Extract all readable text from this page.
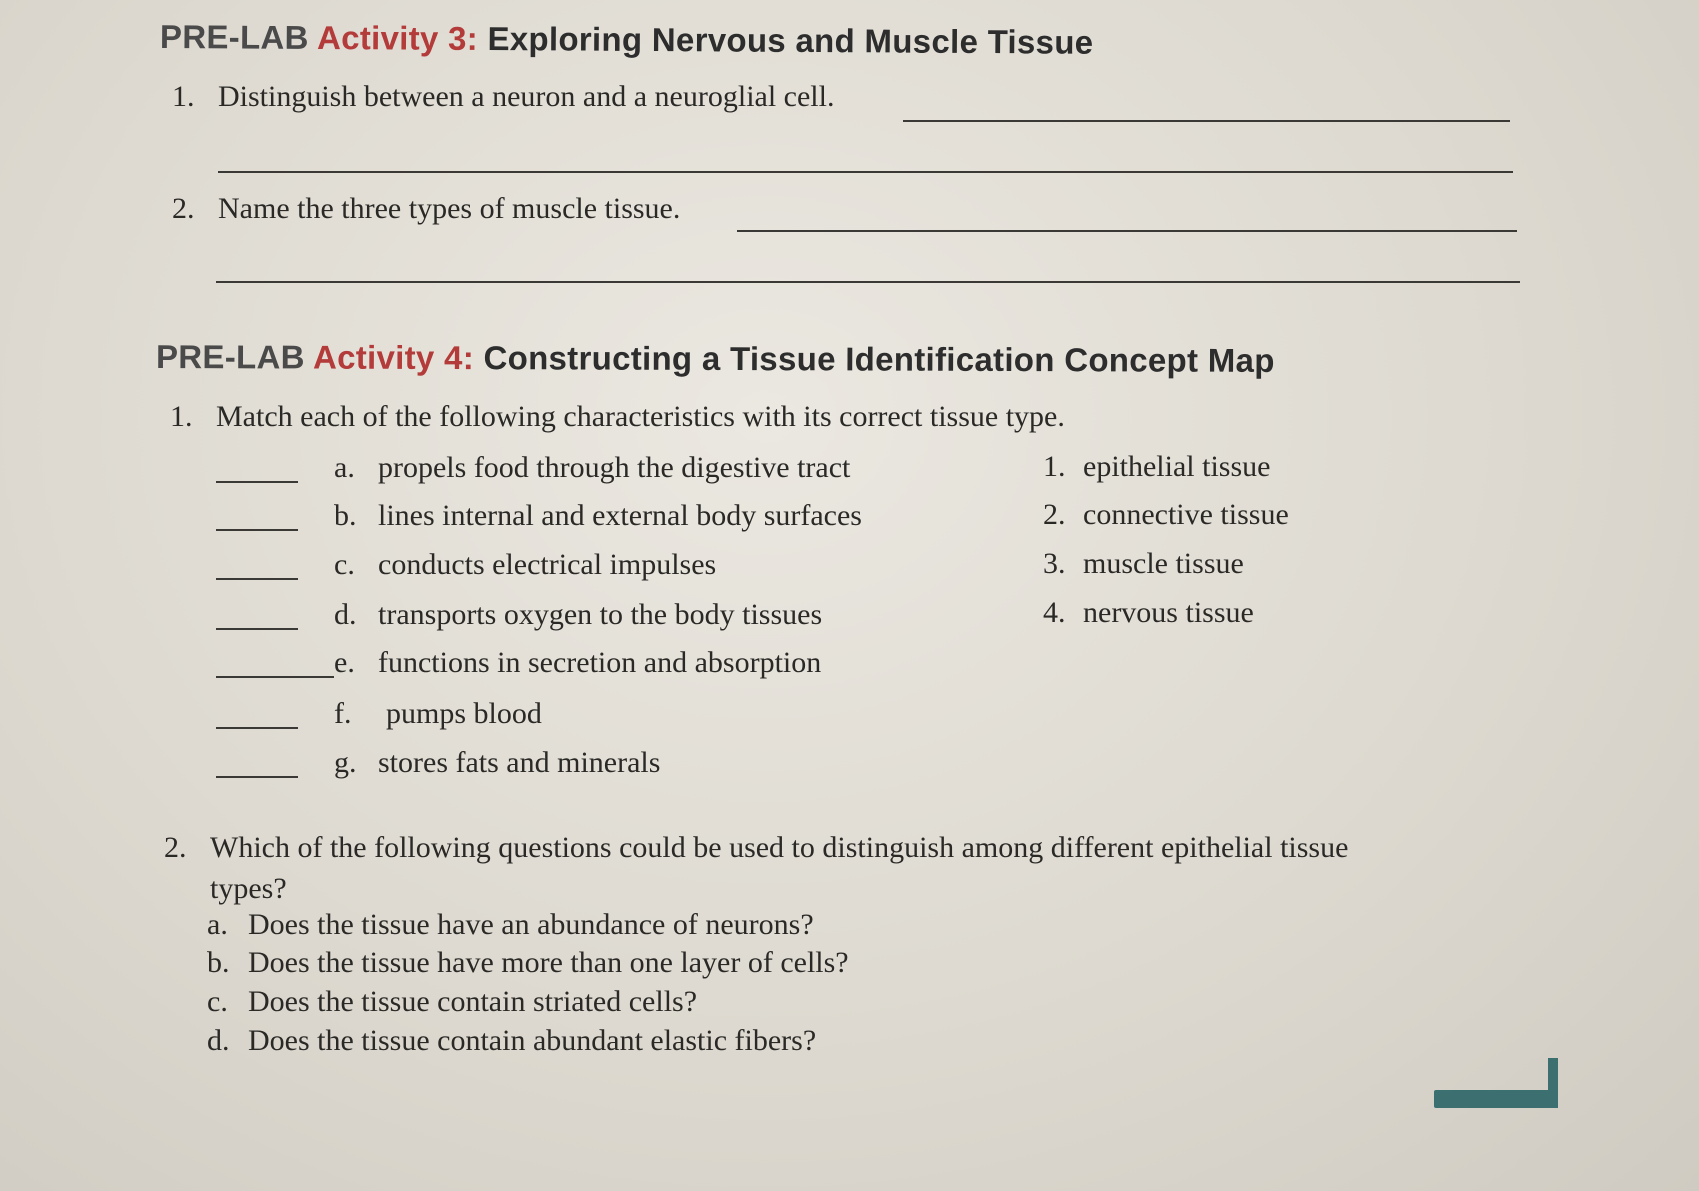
PRE-LAB Activity 3: Exploring Nervous and Muscle Tissue
1. Distinguish between a neuron and a neuroglial cell.
2. Name the three types of muscle tissue.
PRE-LAB Activity 4: Constructing a Tissue Identification Concept Map
1. Match each of the following characteristics with its correct tissue type.
a. propels food through the digestive tract
b. lines internal and external body surfaces
c. conducts electrical impulses
d. transports oxygen to the body tissues
e. functions in secretion and absorption
f. pumps blood
g. stores fats and minerals
1. epithelial tissue
2. connective tissue
3. muscle tissue
4. nervous tissue
2. Which of the following questions could be used to distinguish among different epithelial tissue
types?
a. Does the tissue have an abundance of neurons?
b. Does the tissue have more than one layer of cells?
c. Does the tissue contain striated cells?
d. Does the tissue contain abundant elastic fibers?
